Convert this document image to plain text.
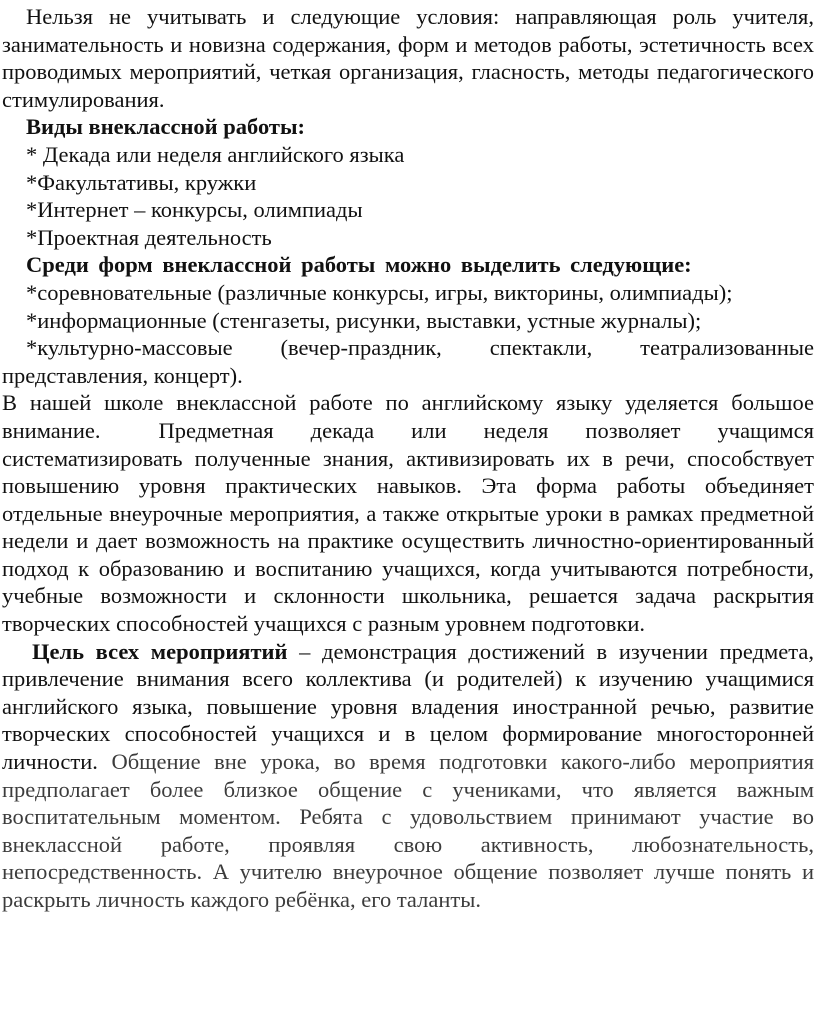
Нельзя не учитывать и следующие условия: направляющая роль учителя, занимательность и новизна содержания, форм и методов работы, эстетичность всех проводимых мероприятий, четкая организация, гласность, методы педагогического стимулирования.

Виды внеклассной работы:

* Декада или неделя английского языка

*Факультативы, кружки

*Интернет – конкурсы, олимпиады

*Проектная деятельность

Среди форм внеклассной работы можно выделить следующие:

*соревновательные (различные конкурсы, игры, викторины, олимпиады);

*информационные (стенгазеты, рисунки, выставки, устные журналы);

*культурно-массовые (вечер-праздник, спектакли, театрализованные представления, концерт).

В нашей школе внеклассной работе по английскому языку уделяется большое внимание.	Предметная декада или неделя позволяет учащимся систематизировать полученные знания, активизировать их в речи, способствует повышению уровня практических навыков. Эта форма работы объединяет отдельные внеурочные мероприятия, а также открытые уроки в рамках предметной недели и дает возможность на практике осуществить личностно-ориентированный подход к образованию и воспитанию учащихся, когда учитываются потребности, учебные возможности и склонности школьника, решается задача раскрытия творческих способностей учащихся с разным уровнем подготовки.

Цель всех мероприятий – демонстрация достижений в изучении предмета, привлечение внимания всего коллектива (и родителей) к изучению учащимися английского языка, повышение уровня владения иностранной речью, развитие творческих способностей учащихся и в целом формирование многосторонней личности. Общение вне урока, во время подготовки какого-либо мероприятия предполагает более близкое общение с учениками, что является важным воспитательным моментом. Ребята с удовольствием принимают участие во внеклассной работе, проявляя свою активность, любознательность, непосредственность. А учителю внеурочное общение позволяет лучше понять и раскрыть личность каждого ребёнка, его таланты.
